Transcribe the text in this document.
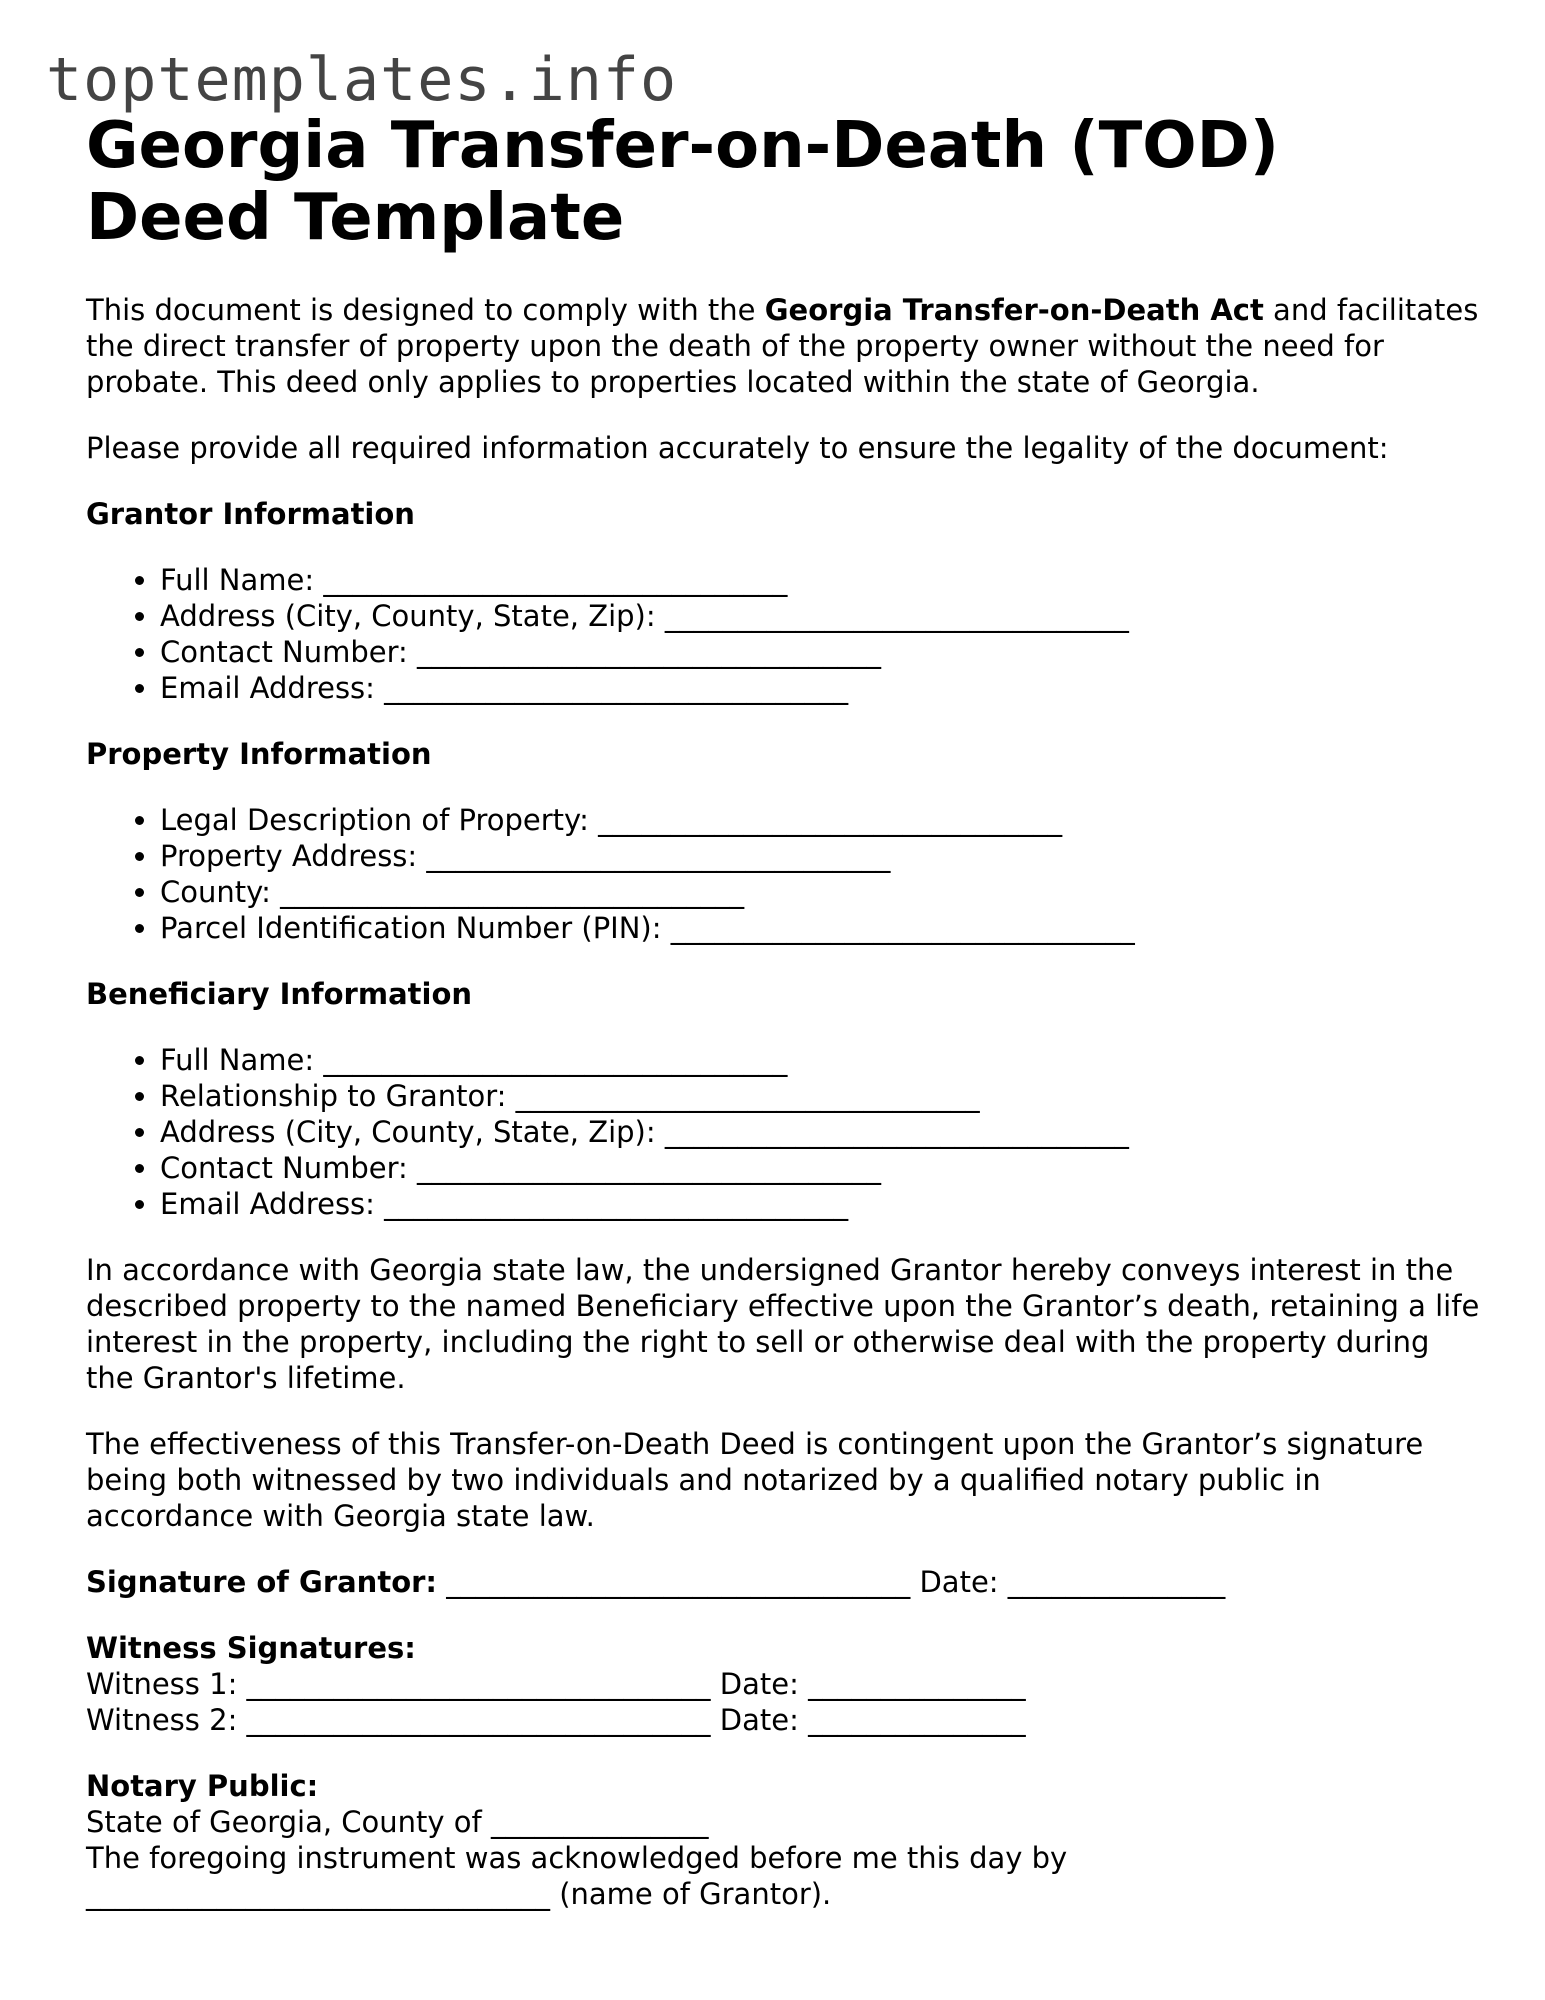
toptemplates.info
Georgia Transfer-on-Death (TOD) Deed Template

This document is designed to comply with the Georgia Transfer-on-Death Act and facilitates the direct transfer of property upon the death of the property owner without the need for probate. This deed only applies to properties located within the state of Georgia.

Please provide all required information accurately to ensure the legality of the document:

Grantor Information

• Full Name: ________________________________
• Address (City, County, State, Zip): ________________________________
• Contact Number: ________________________________
• Email Address: ________________________________

Property Information

• Legal Description of Property: ________________________________
• Property Address: ________________________________
• County: ________________________________
• Parcel Identification Number (PIN): ________________________________

Beneficiary Information

• Full Name: ________________________________
• Relationship to Grantor: ________________________________
• Address (City, County, State, Zip): ________________________________
• Contact Number: ________________________________
• Email Address: ________________________________

In accordance with Georgia state law, the undersigned Grantor hereby conveys interest in the described property to the named Beneficiary effective upon the Grantor’s death, retaining a life interest in the property, including the right to sell or otherwise deal with the property during the Grantor's lifetime.

The effectiveness of this Transfer-on-Death Deed is contingent upon the Grantor’s signature being both witnessed by two individuals and notarized by a qualified notary public in accordance with Georgia state law.

Signature of Grantor: ________________________________ Date: _______________

Witness Signatures:

Witness 1: ________________________________ Date: _______________

Witness 2: ________________________________ Date: _______________

Notary Public:

State of Georgia, County of _______________

The foregoing instrument was acknowledged before me this day by

________________________________ (name of Grantor).
